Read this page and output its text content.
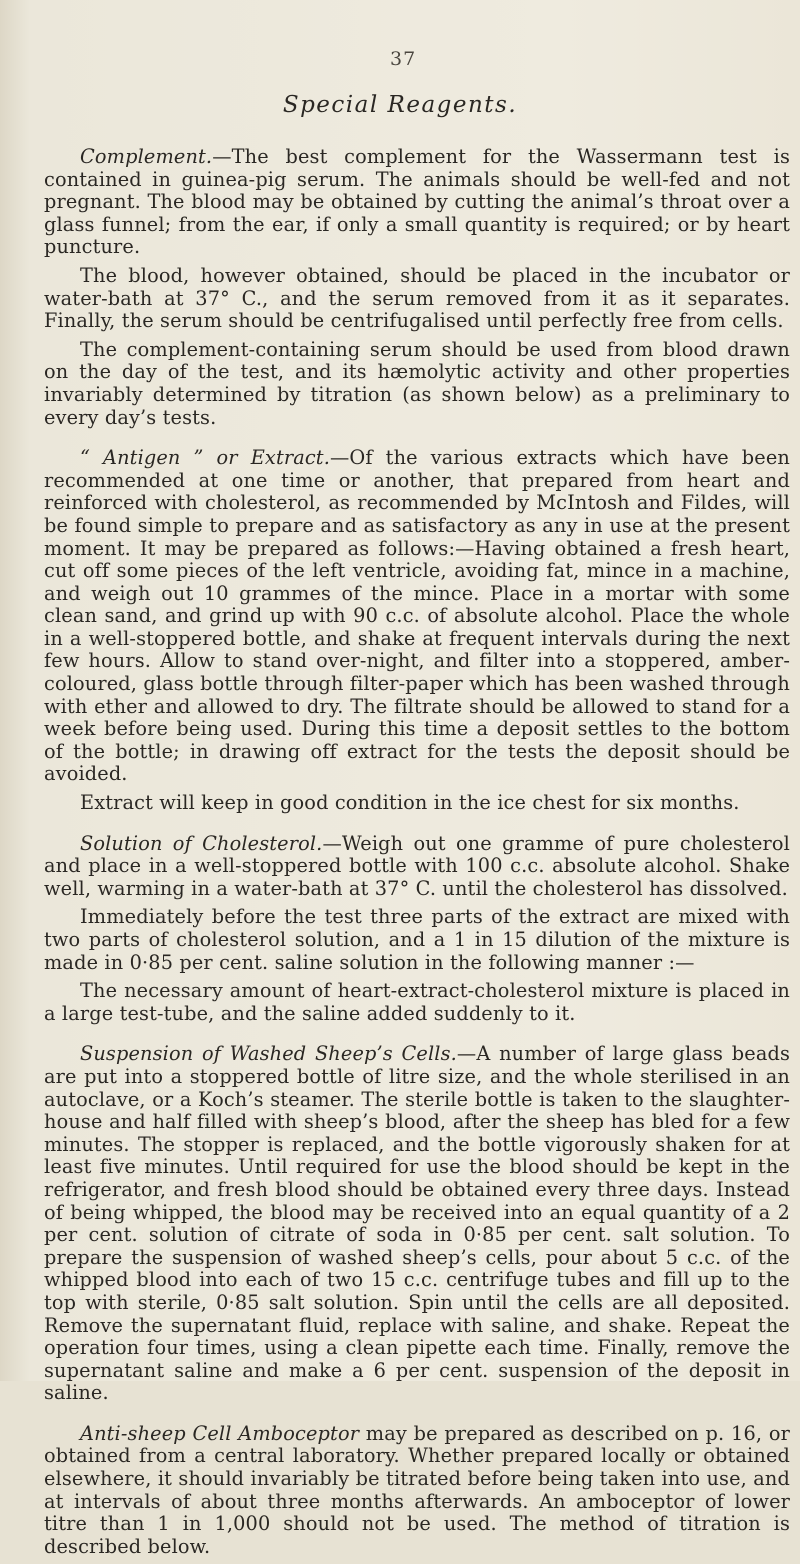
37
Special Reagents.

Complement.—The best complement for the Wassermann test is contained in guinea-pig serum. The animals should be well-fed and not pregnant. The blood may be obtained by cutting the animal’s throat over a glass funnel; from the ear, if only a small quantity is required; or by heart puncture.

The blood, however obtained, should be placed in the incubator or water-bath at 37° C., and the serum removed from it as it separates. Finally, the serum should be centrifugalised until perfectly free from cells.

The complement-containing serum should be used from blood drawn on the day of the test, and its hæmolytic activity and other properties invariably determined by titration (as shown below) as a preliminary to every day’s tests.

“ Antigen ” or Extract.—Of the various extracts which have been recommended at one time or another, that prepared from heart and reinforced with cholesterol, as recommended by McIntosh and Fildes, will be found simple to prepare and as satisfactory as any in use at the present moment. It may be prepared as follows:—Having obtained a fresh heart, cut off some pieces of the left ventricle, avoiding fat, mince in a machine, and weigh out 10 grammes of the mince. Place in a mortar with some clean sand, and grind up with 90 c.c. of absolute alcohol. Place the whole in a well-stoppered bottle, and shake at frequent intervals during the next few hours. Allow to stand over-night, and filter into a stoppered, amber-coloured, glass bottle through filter-paper which has been washed through with ether and allowed to dry. The filtrate should be allowed to stand for a week before being used. During this time a deposit settles to the bottom of the bottle; in drawing off extract for the tests the deposit should be avoided.

Extract will keep in good condition in the ice chest for six months.

Solution of Cholesterol.—Weigh out one gramme of pure cholesterol and place in a well-stoppered bottle with 100 c.c. absolute alcohol. Shake well, warming in a water-bath at 37° C. until the cholesterol has dissolved.

Immediately before the test three parts of the extract are mixed with two parts of cholesterol solution, and a 1 in 15 dilution of the mixture is made in 0·85 per cent. saline solution in the following manner :—

The necessary amount of heart-extract-cholesterol mixture is placed in a large test-tube, and the saline added suddenly to it.

Suspension of Washed Sheep’s Cells.—A number of large glass beads are put into a stoppered bottle of litre size, and the whole sterilised in an autoclave, or a Koch’s steamer. The sterile bottle is taken to the slaughter-house and half filled with sheep’s blood, after the sheep has bled for a few minutes. The stopper is replaced, and the bottle vigorously shaken for at least five minutes. Until required for use the blood should be kept in the refrigerator, and fresh blood should be obtained every three days. Instead of being whipped, the blood may be received into an equal quantity of a 2 per cent. solution of citrate of soda in 0·85 per cent. salt solution. To prepare the suspension of washed sheep’s cells, pour about 5 c.c. of the whipped blood into each of two 15 c.c. centrifuge tubes and fill up to the top with sterile, 0·85 salt solution. Spin until the cells are all deposited. Remove the supernatant fluid, replace with saline, and shake. Repeat the operation four times, using a clean pipette each time. Finally, remove the supernatant saline and make a 6 per cent. suspension of the deposit in saline.

Anti-sheep Cell Amboceptor may be prepared as described on p. 16, or obtained from a central laboratory. Whether prepared locally or obtained elsewhere, it should invariably be titrated before being taken into use, and at intervals of about three months afterwards. An amboceptor of lower titre than 1 in 1,000 should not be used. The method of titration is described below.
